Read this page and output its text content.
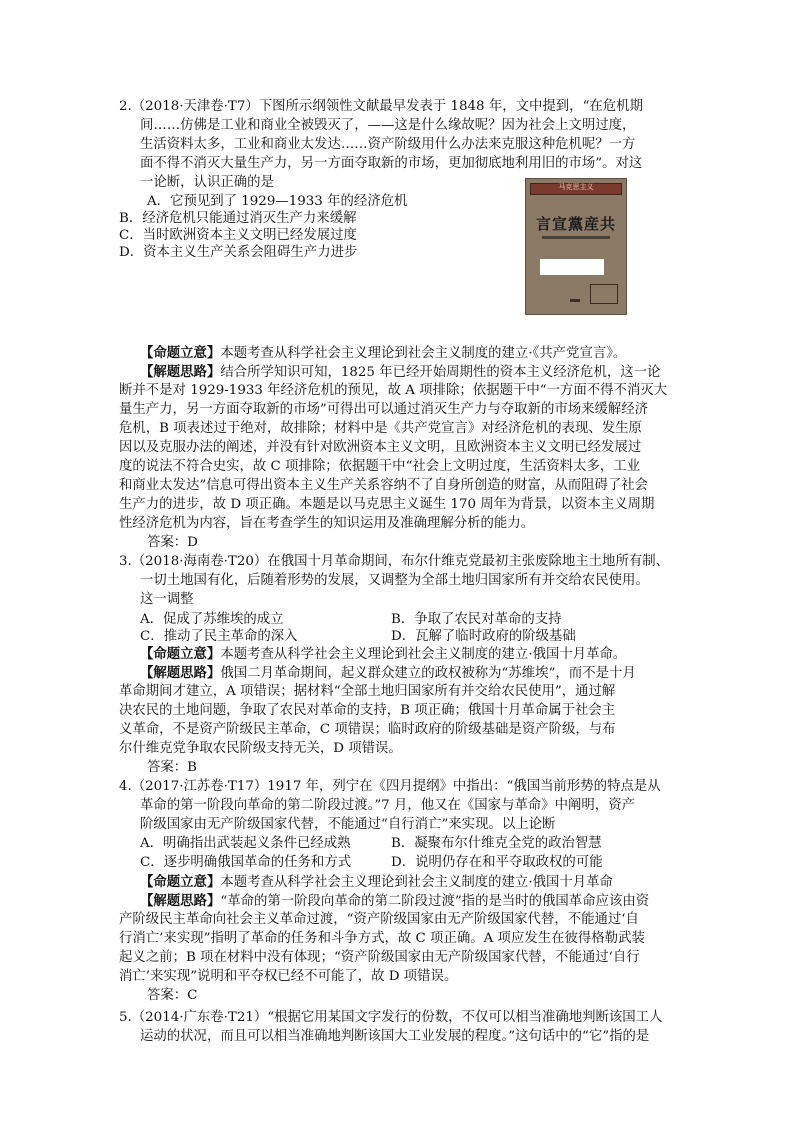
2.（2018·天津卷·T7）下图所示纲领性文献最早发表于 1848 年，文中提到，“在危机期
间……仿佛是工业和商业全被毁灭了，——这是什么缘故呢？因为社会上文明过度，
生活资料太多，工业和商业太发达……资产阶级用什么办法来克服这种危机呢？一方
面不得不消灭大量生产力，另一方面夺取新的市场，更加彻底地利用旧的市场”。对这
一论断，认识正确的是
A．它预见到了 1929—1933 年的经济危机
B．经济危机只能通过消灭生产力来缓解
C．当时欧洲资本主义文明已经发展过度
D．资本主义生产关系会阻碍生产力进步
【命题立意】本题考查从科学社会主义理论到社会主义制度的建立·《共产党宣言》。
【解题思路】结合所学知识可知，1825 年已经开始周期性的资本主义经济危机，这一论
断并不是对 1929-1933 年经济危机的预见，故 A 项排除；依据题干中“一方面不得不消灭大
量生产力，另一方面夺取新的市场”可得出可以通过消灭生产力与夺取新的市场来缓解经济
危机，B 项表述过于绝对，故排除；材料中是《共产党宣言》对经济危机的表现、发生原
因以及克服办法的阐述，并没有针对欧洲资本主义文明，且欧洲资本主义文明已经发展过
度的说法不符合史实，故 C 项排除；依据题干中“社会上文明过度，生活资料太多，工业
和商业太发达”信息可得出资本主义生产关系容纳不了自身所创造的财富，从而阻碍了社会
生产力的进步，故 D 项正确。本题是以马克思主义诞生 170 周年为背景，以资本主义周期
性经济危机为内容，旨在考查学生的知识运用及准确理解分析的能力。
答案：D
3.（2018·海南卷·T20）在俄国十月革命期间，布尔什维克党最初主张废除地主土地所有制、
一切土地国有化，后随着形势的发展，又调整为全部土地归国家所有并交给农民使用。
这一调整
A．促成了苏维埃的成立	B．争取了农民对革命的支持
C．推动了民主革命的深入	D．瓦解了临时政府的阶级基础
【命题立意】本题考查从科学社会主义理论到社会主义制度的建立·俄国十月革命。
【解题思路】俄国二月革命期间，起义群众建立的政权被称为“苏维埃”，而不是十月
革命期间才建立，A 项错误；据材料“全部土地归国家所有并交给农民使用”，通过解
决农民的土地问题，争取了农民对革命的支持，B 项正确；俄国十月革命属于社会主
义革命，不是资产阶级民主革命，C 项错误；临时政府的阶级基础是资产阶级，与布
尔什维克党争取农民阶级支持无关，D 项错误。
答案：B
4.（2017·江苏卷·T17）1917 年，列宁在《四月提纲》中指出：“俄国当前形势的特点是从
革命的第一阶段向革命的第二阶段过渡。”7 月，他又在《国家与革命》中阐明，资产
阶级国家由无产阶级国家代替，不能通过“自行消亡”来实现。以上论断
A．明确指出武装起义条件已经成熟	B．凝聚布尔什维克全党的政治智慧
C．逐步明确俄国革命的任务和方式	D．说明仍存在和平夺取政权的可能
【命题立意】本题考查从科学社会主义理论到社会主义制度的建立·俄国十月革命
【解题思路】“革命的第一阶段向革命的第二阶段过渡”指的是当时的俄国革命应该由资
产阶级民主革命向社会主义革命过渡，“资产阶级国家由无产阶级国家代替，不能通过‘自
行消亡’来实现”指明了革命的任务和斗争方式，故 C 项正确。A 项应发生在彼得格勒武装
起义之前；B 项在材料中没有体现；“资产阶级国家由无产阶级国家代替，不能通过‘自行
消亡’来实现”说明和平夺权已经不可能了，故 D 项错误。
答案：C
5.（2014·广东卷·T21）“根据它用某国文字发行的份数，不仅可以相当准确地判断该国工人
运动的状况，而且可以相当准确地判断该国大工业发展的程度。”这句话中的“它”指的是
马克思主义
言宣黨産共
